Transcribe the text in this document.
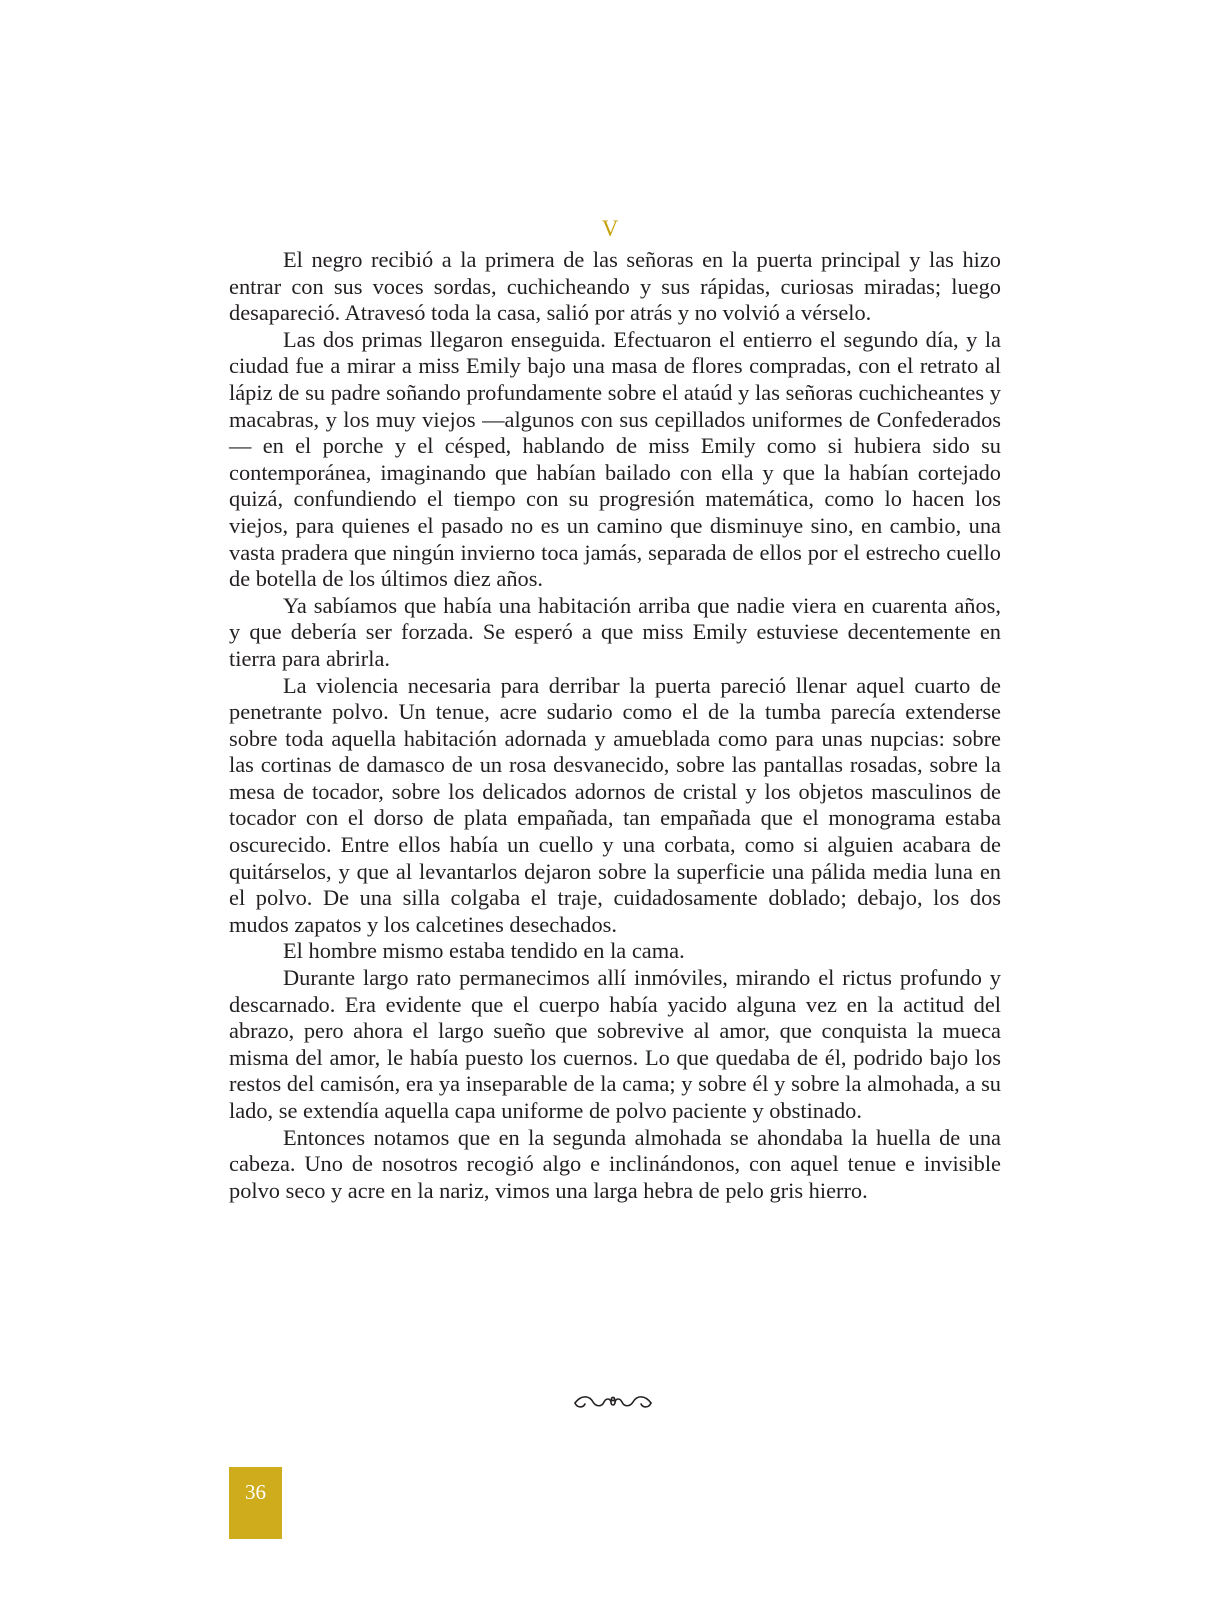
V

El negro recibió a la primera de las señoras en la puerta principal y las hizo entrar con sus voces sordas, cuchicheando y sus rápidas, curiosas miradas; luego desapareció. Atravesó toda la casa, salió por atrás y no volvió a vérselo.

Las dos primas llegaron enseguida. Efectuaron el entierro el segundo día, y la ciudad fue a mirar a miss Emily bajo una masa de flores compradas, con el retrato al lápiz de su padre soñando profundamente sobre el ataúd y las señoras cuchicheantes y macabras, y los muy viejos —algunos con sus cepillados uniformes de Confederados— en el porche y el césped, hablando de miss Emily como si hubiera sido su contemporánea, imaginando que habían bailado con ella y que la habían cortejado quizá, confundiendo el tiempo con su progresión matemática, como lo hacen los viejos, para quienes el pasado no es un camino que disminuye sino, en cambio, una vasta pradera que ningún invierno toca jamás, separada de ellos por el estrecho cuello de botella de los últimos diez años.

Ya sabíamos que había una habitación arriba que nadie viera en cuarenta años, y que debería ser forzada. Se esperó a que miss Emily estuviese decentemente en tierra para abrirla.

La violencia necesaria para derribar la puerta pareció llenar aquel cuarto de penetrante polvo. Un tenue, acre sudario como el de la tumba parecía extenderse sobre toda aquella habitación adornada y amueblada como para unas nupcias: sobre las cortinas de damasco de un rosa desvanecido, sobre las pantallas rosadas, sobre la mesa de tocador, sobre los delicados adornos de cristal y los objetos masculinos de tocador con el dorso de plata empañada, tan empañada que el monograma estaba oscurecido. Entre ellos había un cuello y una corbata, como si alguien acabara de quitárselos, y que al levantarlos dejaron sobre la superficie una pálida media luna en el polvo. De una silla colgaba el traje, cuidadosamente doblado; debajo, los dos mudos zapatos y los calcetines desechados.

El hombre mismo estaba tendido en la cama.

Durante largo rato permanecimos allí inmóviles, mirando el rictus profundo y descarnado. Era evidente que el cuerpo había yacido alguna vez en la actitud del abrazo, pero ahora el largo sueño que sobrevive al amor, que conquista la mueca misma del amor, le había puesto los cuernos. Lo que quedaba de él, podrido bajo los restos del camisón, era ya inseparable de la cama; y sobre él y sobre la almohada, a su lado, se extendía aquella capa uniforme de polvo paciente y obstinado.

Entonces notamos que en la segunda almohada se ahondaba la huella de una cabeza. Uno de nosotros recogió algo e inclinándonos, con aquel tenue e invisible polvo seco y acre en la nariz, vimos una larga hebra de pelo gris hierro.

36
